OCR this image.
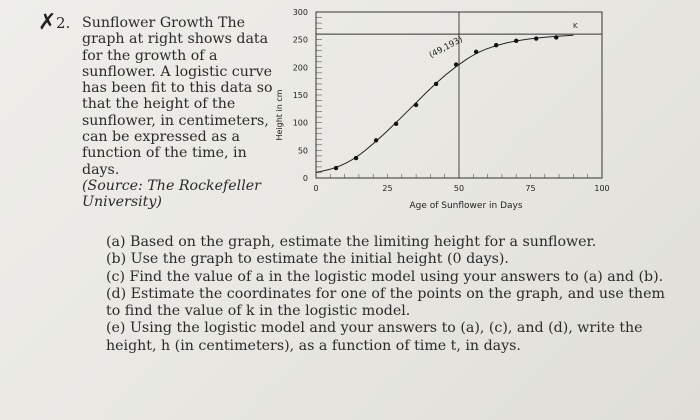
✗ 2. Sunflower Growth The
graph at right shows data
for the growth of a
sunflower. A logistic curve
has been fit to this data so
that the height of the
sunflower, in centimeters,
can be expressed as a
function of the time, in
days.
(Source: The Rockefeller
University)
0
50
100
150
200
250
300
0	25	50	75	100
Age of Sunflower in Days
Height in cm
(49,193)
K

(a) Based on the graph, estimate the limiting height for a sunflower.

(b) Use the graph to estimate the initial height (0 days).

(c) Find the value of a in the logistic model using your answers to (a) and (b).

(d) Estimate the coordinates for one of the points on the graph, and use them

to find the value of k in the logistic model.

(e) Using the logistic model and your answers to (a), (c), and (d), write the

height, h (in centimeters), as a function of time t, in days.
